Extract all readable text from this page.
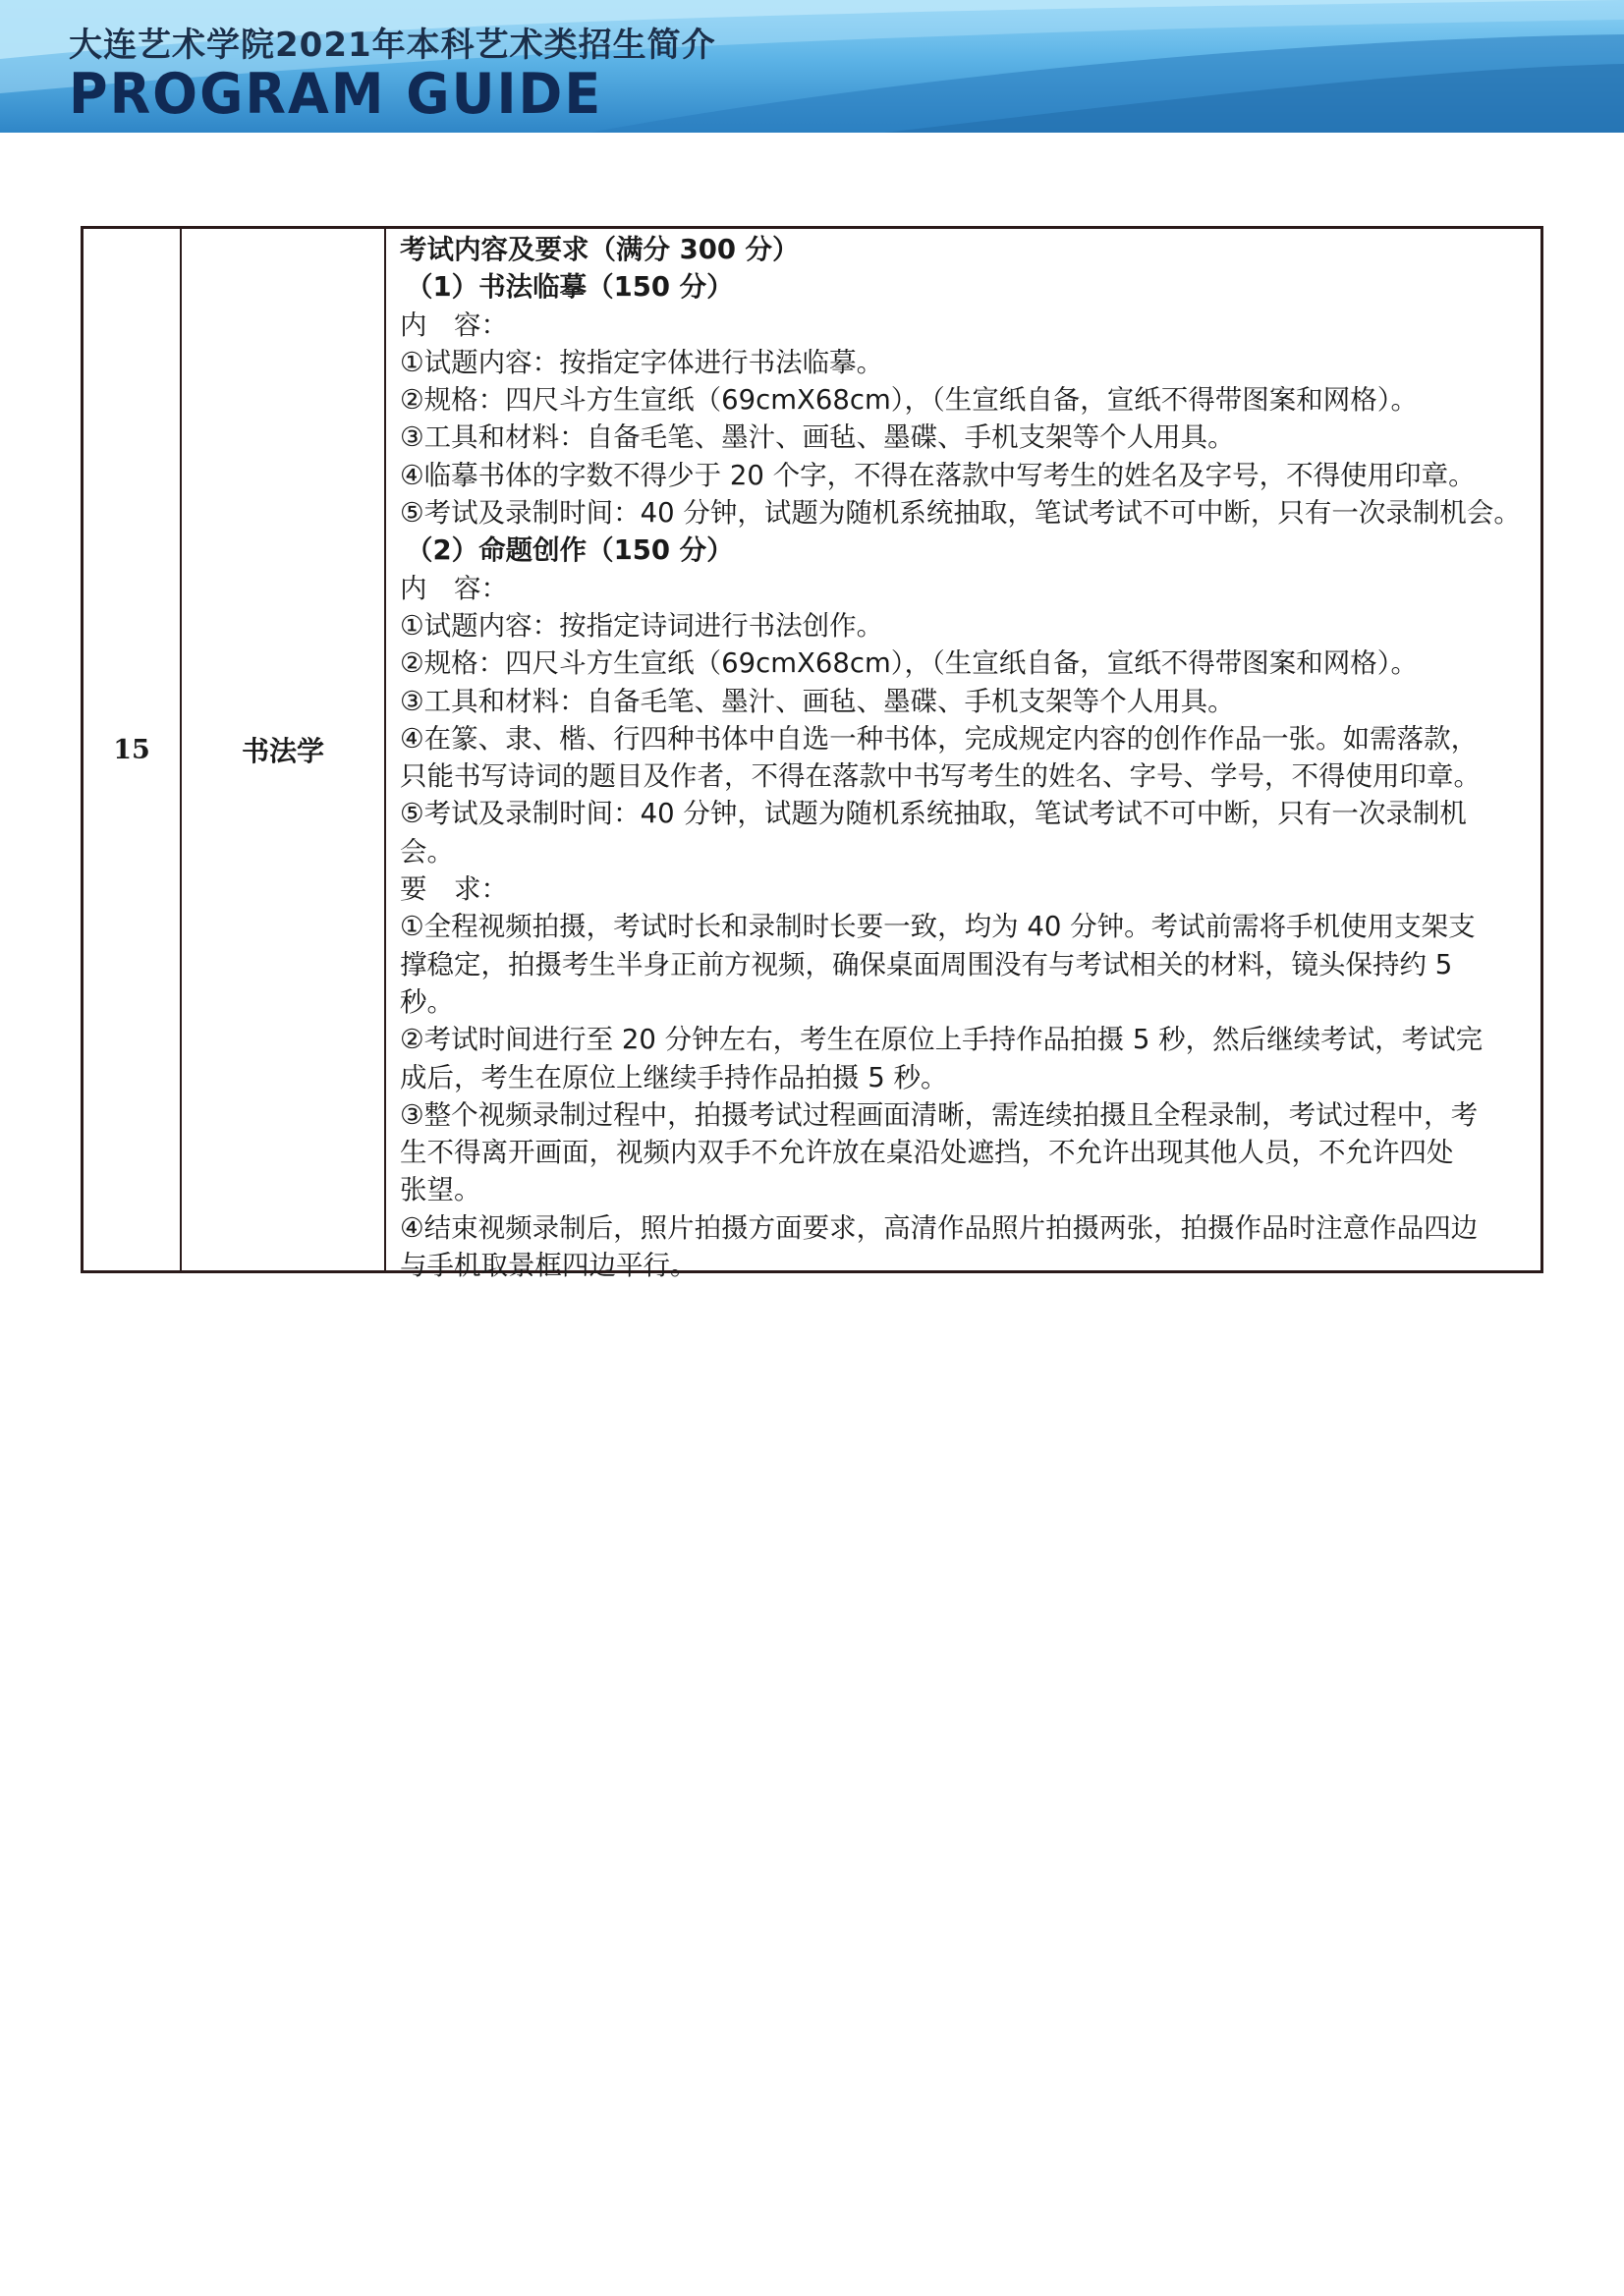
大连艺术学院2021年本科艺术类招生简介
PROGRAM GUIDE
15	书法学
考试内容及要求（满分 300 分）
（1）书法临摹（150 分）
内　容：
①试题内容：按指定字体进行书法临摹。
②规格：四尺斗方生宣纸（69cmX68cm），（生宣纸自备，宣纸不得带图案和网格）。
③工具和材料：自备毛笔、墨汁、画毡、墨碟、手机支架等个人用具。
④临摹书体的字数不得少于 20 个字，不得在落款中写考生的姓名及字号，不得使用印章。
⑤考试及录制时间：40 分钟，试题为随机系统抽取，笔试考试不可中断，只有一次录制机会。
（2）命题创作（150 分）
内　容：
①试题内容：按指定诗词进行书法创作。
②规格：四尺斗方生宣纸（69cmX68cm），（生宣纸自备，宣纸不得带图案和网格）。
③工具和材料：自备毛笔、墨汁、画毡、墨碟、手机支架等个人用具。
④在篆、隶、楷、行四种书体中自选一种书体，完成规定内容的创作作品一张。如需落款，
只能书写诗词的题目及作者，不得在落款中书写考生的姓名、字号、学号，不得使用印章。
⑤考试及录制时间：40 分钟，试题为随机系统抽取，笔试考试不可中断，只有一次录制机
会。
要　求：
①全程视频拍摄，考试时长和录制时长要一致，均为 40 分钟。考试前需将手机使用支架支
撑稳定，拍摄考生半身正前方视频，确保桌面周围没有与考试相关的材料，镜头保持约 5
秒。
②考试时间进行至 20 分钟左右，考生在原位上手持作品拍摄 5 秒，然后继续考试，考试完
成后，考生在原位上继续手持作品拍摄 5 秒。
③整个视频录制过程中，拍摄考试过程画面清晰，需连续拍摄且全程录制，考试过程中，考
生不得离开画面，视频内双手不允许放在桌沿处遮挡，不允许出现其他人员，不允许四处
张望。
④结束视频录制后，照片拍摄方面要求，高清作品照片拍摄两张，拍摄作品时注意作品四边
与手机取景框四边平行。
